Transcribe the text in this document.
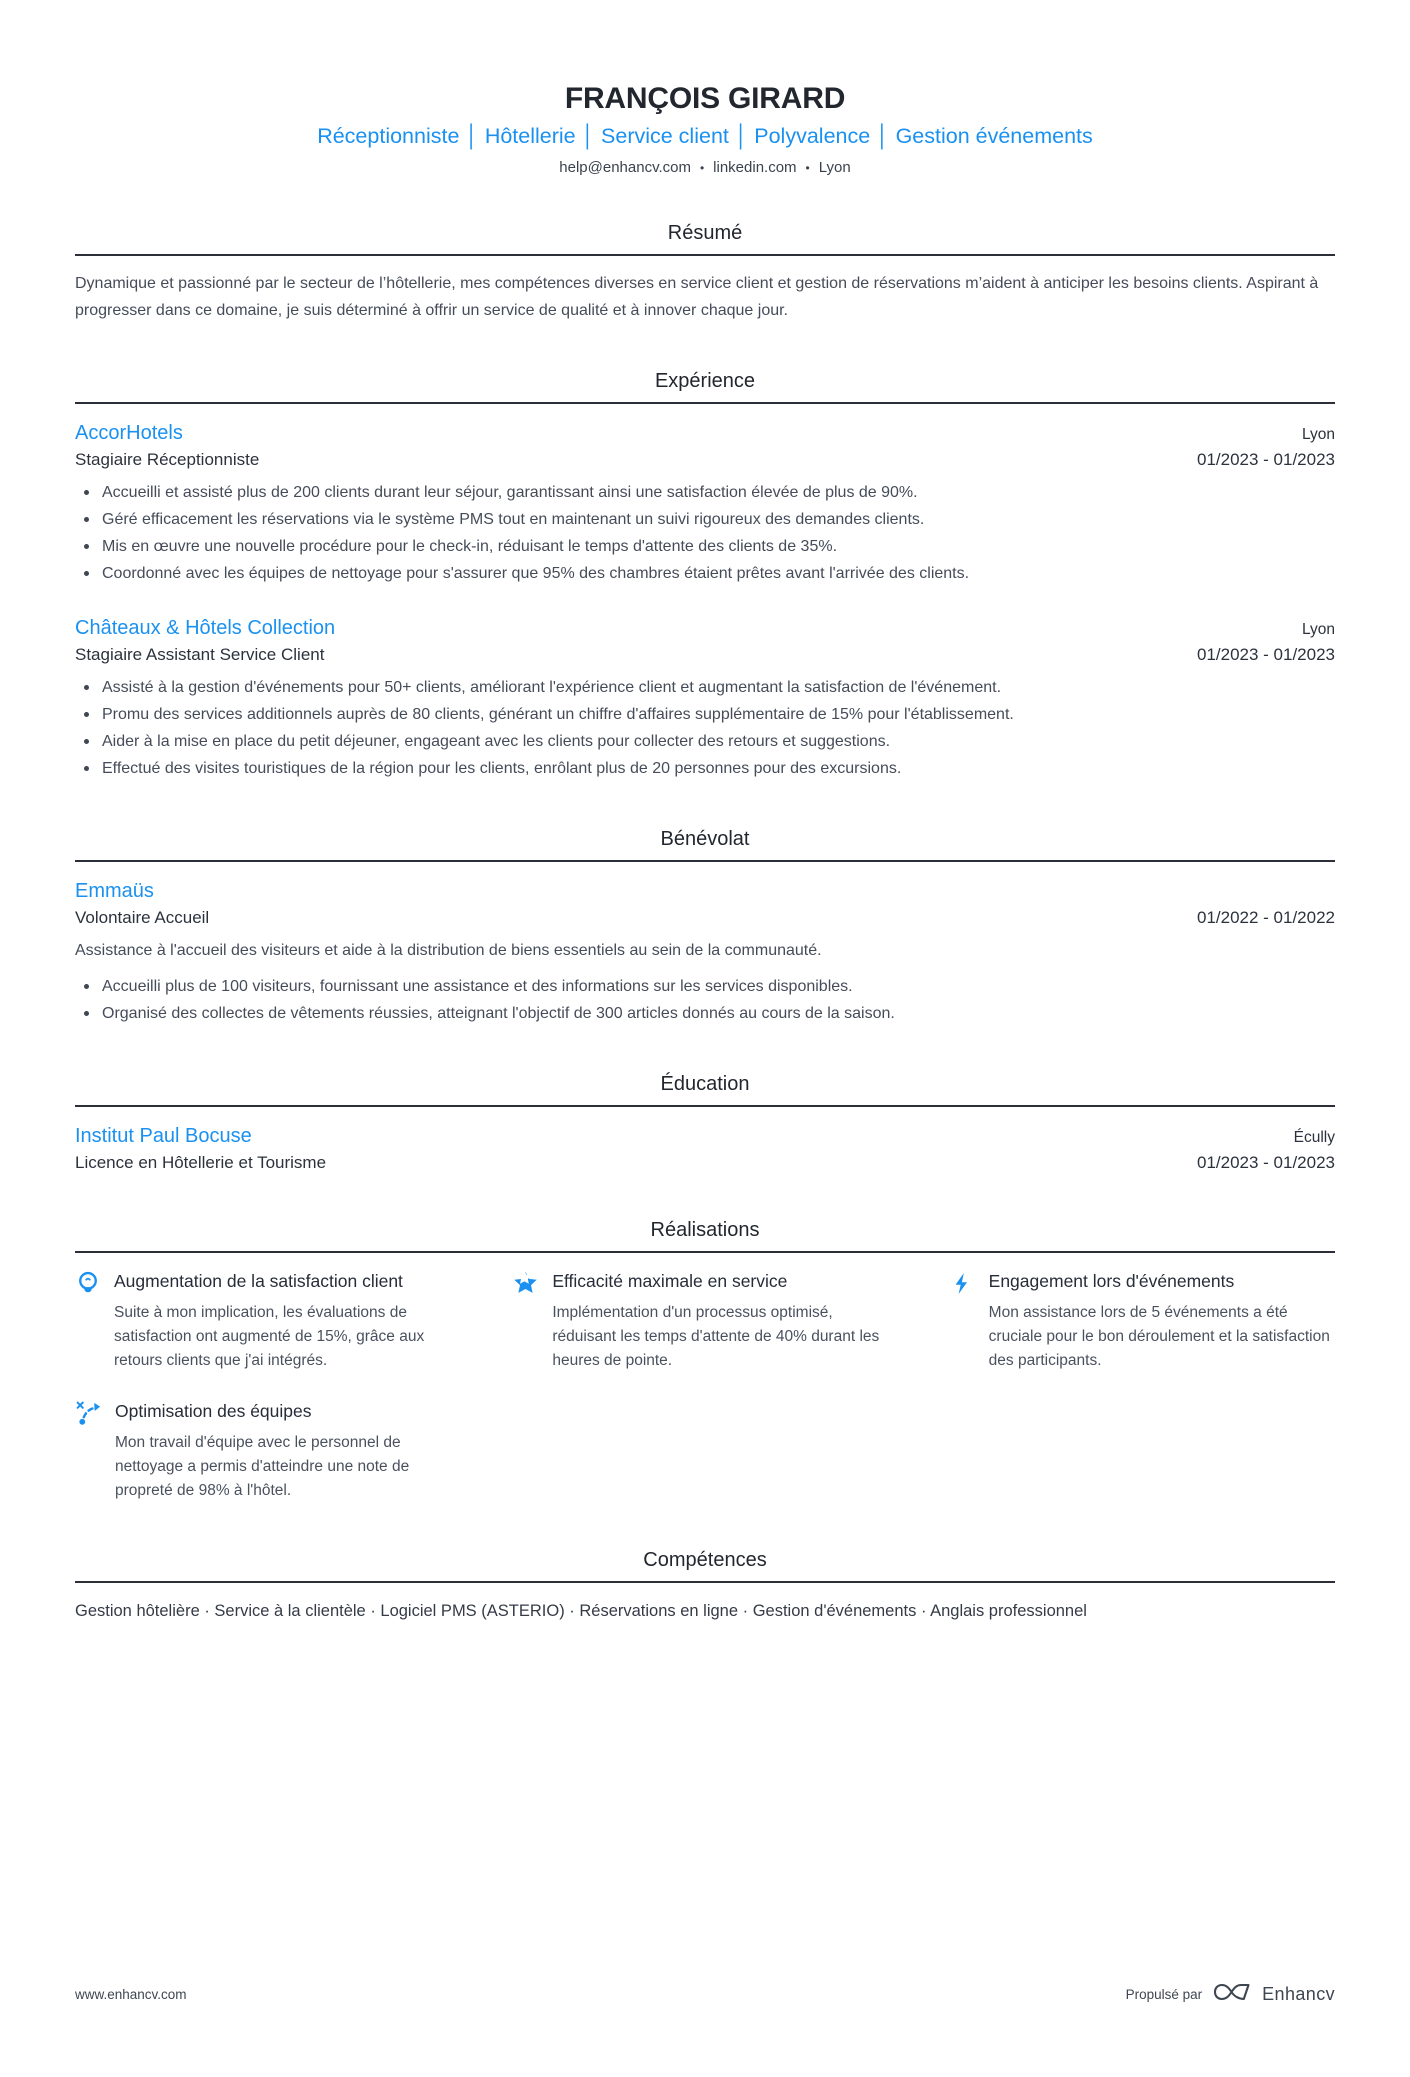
FRANÇOIS GIRARD
Réceptionniste │ Hôtellerie │ Service client │ Polyvalence │ Gestion événements
help@enhancv.com • linkedin.com • Lyon
Résumé

Dynamique et passionné par le secteur de l’hôtellerie, mes compétences diverses en service client et gestion de réservations m’aident à anticiper les besoins clients. Aspirant à progresser dans ce domaine, je suis déterminé à offrir un service de qualité et à innover chaque jour.

Expérience
AccorHotels	Lyon
Stagiaire Réceptionniste	01/2023 - 01/2023
Accueilli et assisté plus de 200 clients durant leur séjour, garantissant ainsi une satisfaction élevée de plus de 90%.
Géré efficacement les réservations via le système PMS tout en maintenant un suivi rigoureux des demandes clients.
Mis en œuvre une nouvelle procédure pour le check-in, réduisant le temps d'attente des clients de 35%.
Coordonné avec les équipes de nettoyage pour s'assurer que 95% des chambres étaient prêtes avant l'arrivée des clients.
Châteaux & Hôtels Collection	Lyon
Stagiaire Assistant Service Client	01/2023 - 01/2023
Assisté à la gestion d'événements pour 50+ clients, améliorant l'expérience client et augmentant la satisfaction de l'événement.
Promu des services additionnels auprès de 80 clients, générant un chiffre d'affaires supplémentaire de 15% pour l'établissement.
Aider à la mise en place du petit déjeuner, engageant avec les clients pour collecter des retours et suggestions.
Effectué des visites touristiques de la région pour les clients, enrôlant plus de 20 personnes pour des excursions.
Bénévolat
Emmaüs
Volontaire Accueil	01/2022 - 01/2022

Assistance à l'accueil des visiteurs et aide à la distribution de biens essentiels au sein de la communauté.

Accueilli plus de 100 visiteurs, fournissant une assistance et des informations sur les services disponibles.
Organisé des collectes de vêtements réussies, atteignant l'objectif de 300 articles donnés au cours de la saison.
Éducation
Institut Paul Bocuse	Écully
Licence en Hôtellerie et Tourisme	01/2023 - 01/2023
Réalisations
Augmentation de la satisfaction client

Suite à mon implication, les évaluations de satisfaction ont augmenté de 15%, grâce aux retours clients que j'ai intégrés.

Efficacité maximale en service

Implémentation d'un processus optimisé, réduisant les temps d'attente de 40% durant les heures de pointe.

Engagement lors d'événements

Mon assistance lors de 5 événements a été cruciale pour le bon déroulement et la satisfaction des participants.

Optimisation des équipes

Mon travail d'équipe avec le personnel de nettoyage a permis d'atteindre une note de propreté de 98% à l'hôtel.

Compétences

Gestion hôtelière · Service à la clientèle · Logiciel PMS (ASTERIO) · Réservations en ligne · Gestion d'événements · Anglais professionnel

www.enhancv.com	Propulsé par	Enhancv
